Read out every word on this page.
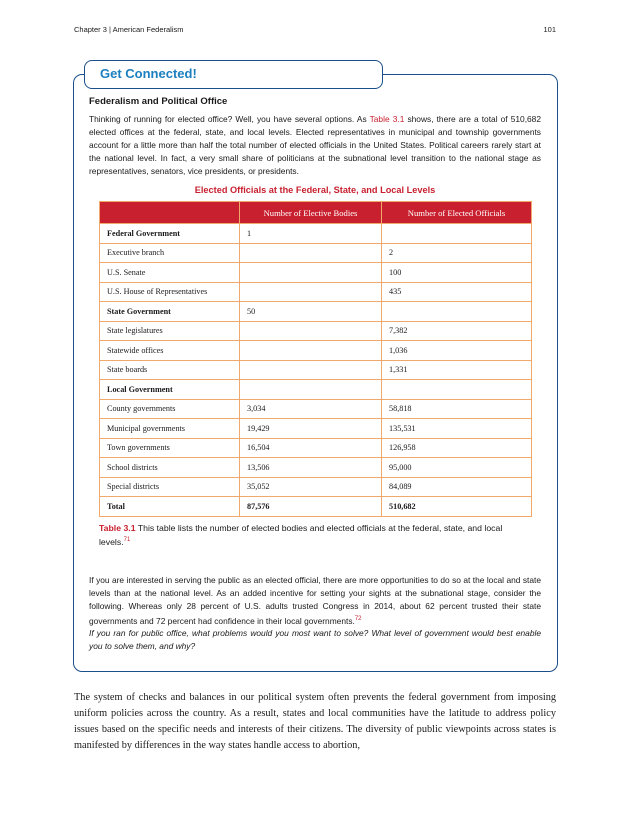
Chapter 3 | American Federalism	101
Get Connected!
Federalism and Political Office

Thinking of running for elected office? Well, you have several options. As Table 3.1 shows, there are a total of 510,682 elected offices at the federal, state, and local levels. Elected representatives in municipal and township governments account for a little more than half the total number of elected officials in the United States. Political careers rarely start at the national level. In fact, a very small share of politicians at the subnational level transition to the national stage as representatives, senators, vice presidents, or presidents.

Elected Officials at the Federal, State, and Local Levels
	Number of Elective Bodies	Number of Elected Officials
Federal Government	1	
Executive branch		2
U.S. Senate		100
U.S. House of Representatives		435
State Government	50	
State legislatures		7,382
Statewide offices		1,036
State boards		1,331
Local Government		
County governments	3,034	58,818
Municipal governments	19,429	135,531
Town governments	16,504	126,958
School districts	13,506	95,000
Special districts	35,052	84,089
Total	87,576	510,682

Table 3.1 This table lists the number of elected bodies and elected officials at the federal, state, and local levels.$^{71}$

If you are interested in serving the public as an elected official, there are more opportunities to do so at the local and state levels than at the national level. As an added incentive for setting your sights at the subnational stage, consider the following. Whereas only 28 percent of U.S. adults trusted Congress in 2014, about 62 percent trusted their state governments and 72 percent had confidence in their local governments.$^{72}$

If you ran for public office, what problems would you most want to solve? What level of government would best enable you to solve them, and why?

The system of checks and balances in our political system often prevents the federal government from imposing uniform policies across the country. As a result, states and local communities have the latitude to address policy issues based on the specific needs and interests of their citizens. The diversity of public viewpoints across states is manifested by differences in the way states handle access to abortion,
